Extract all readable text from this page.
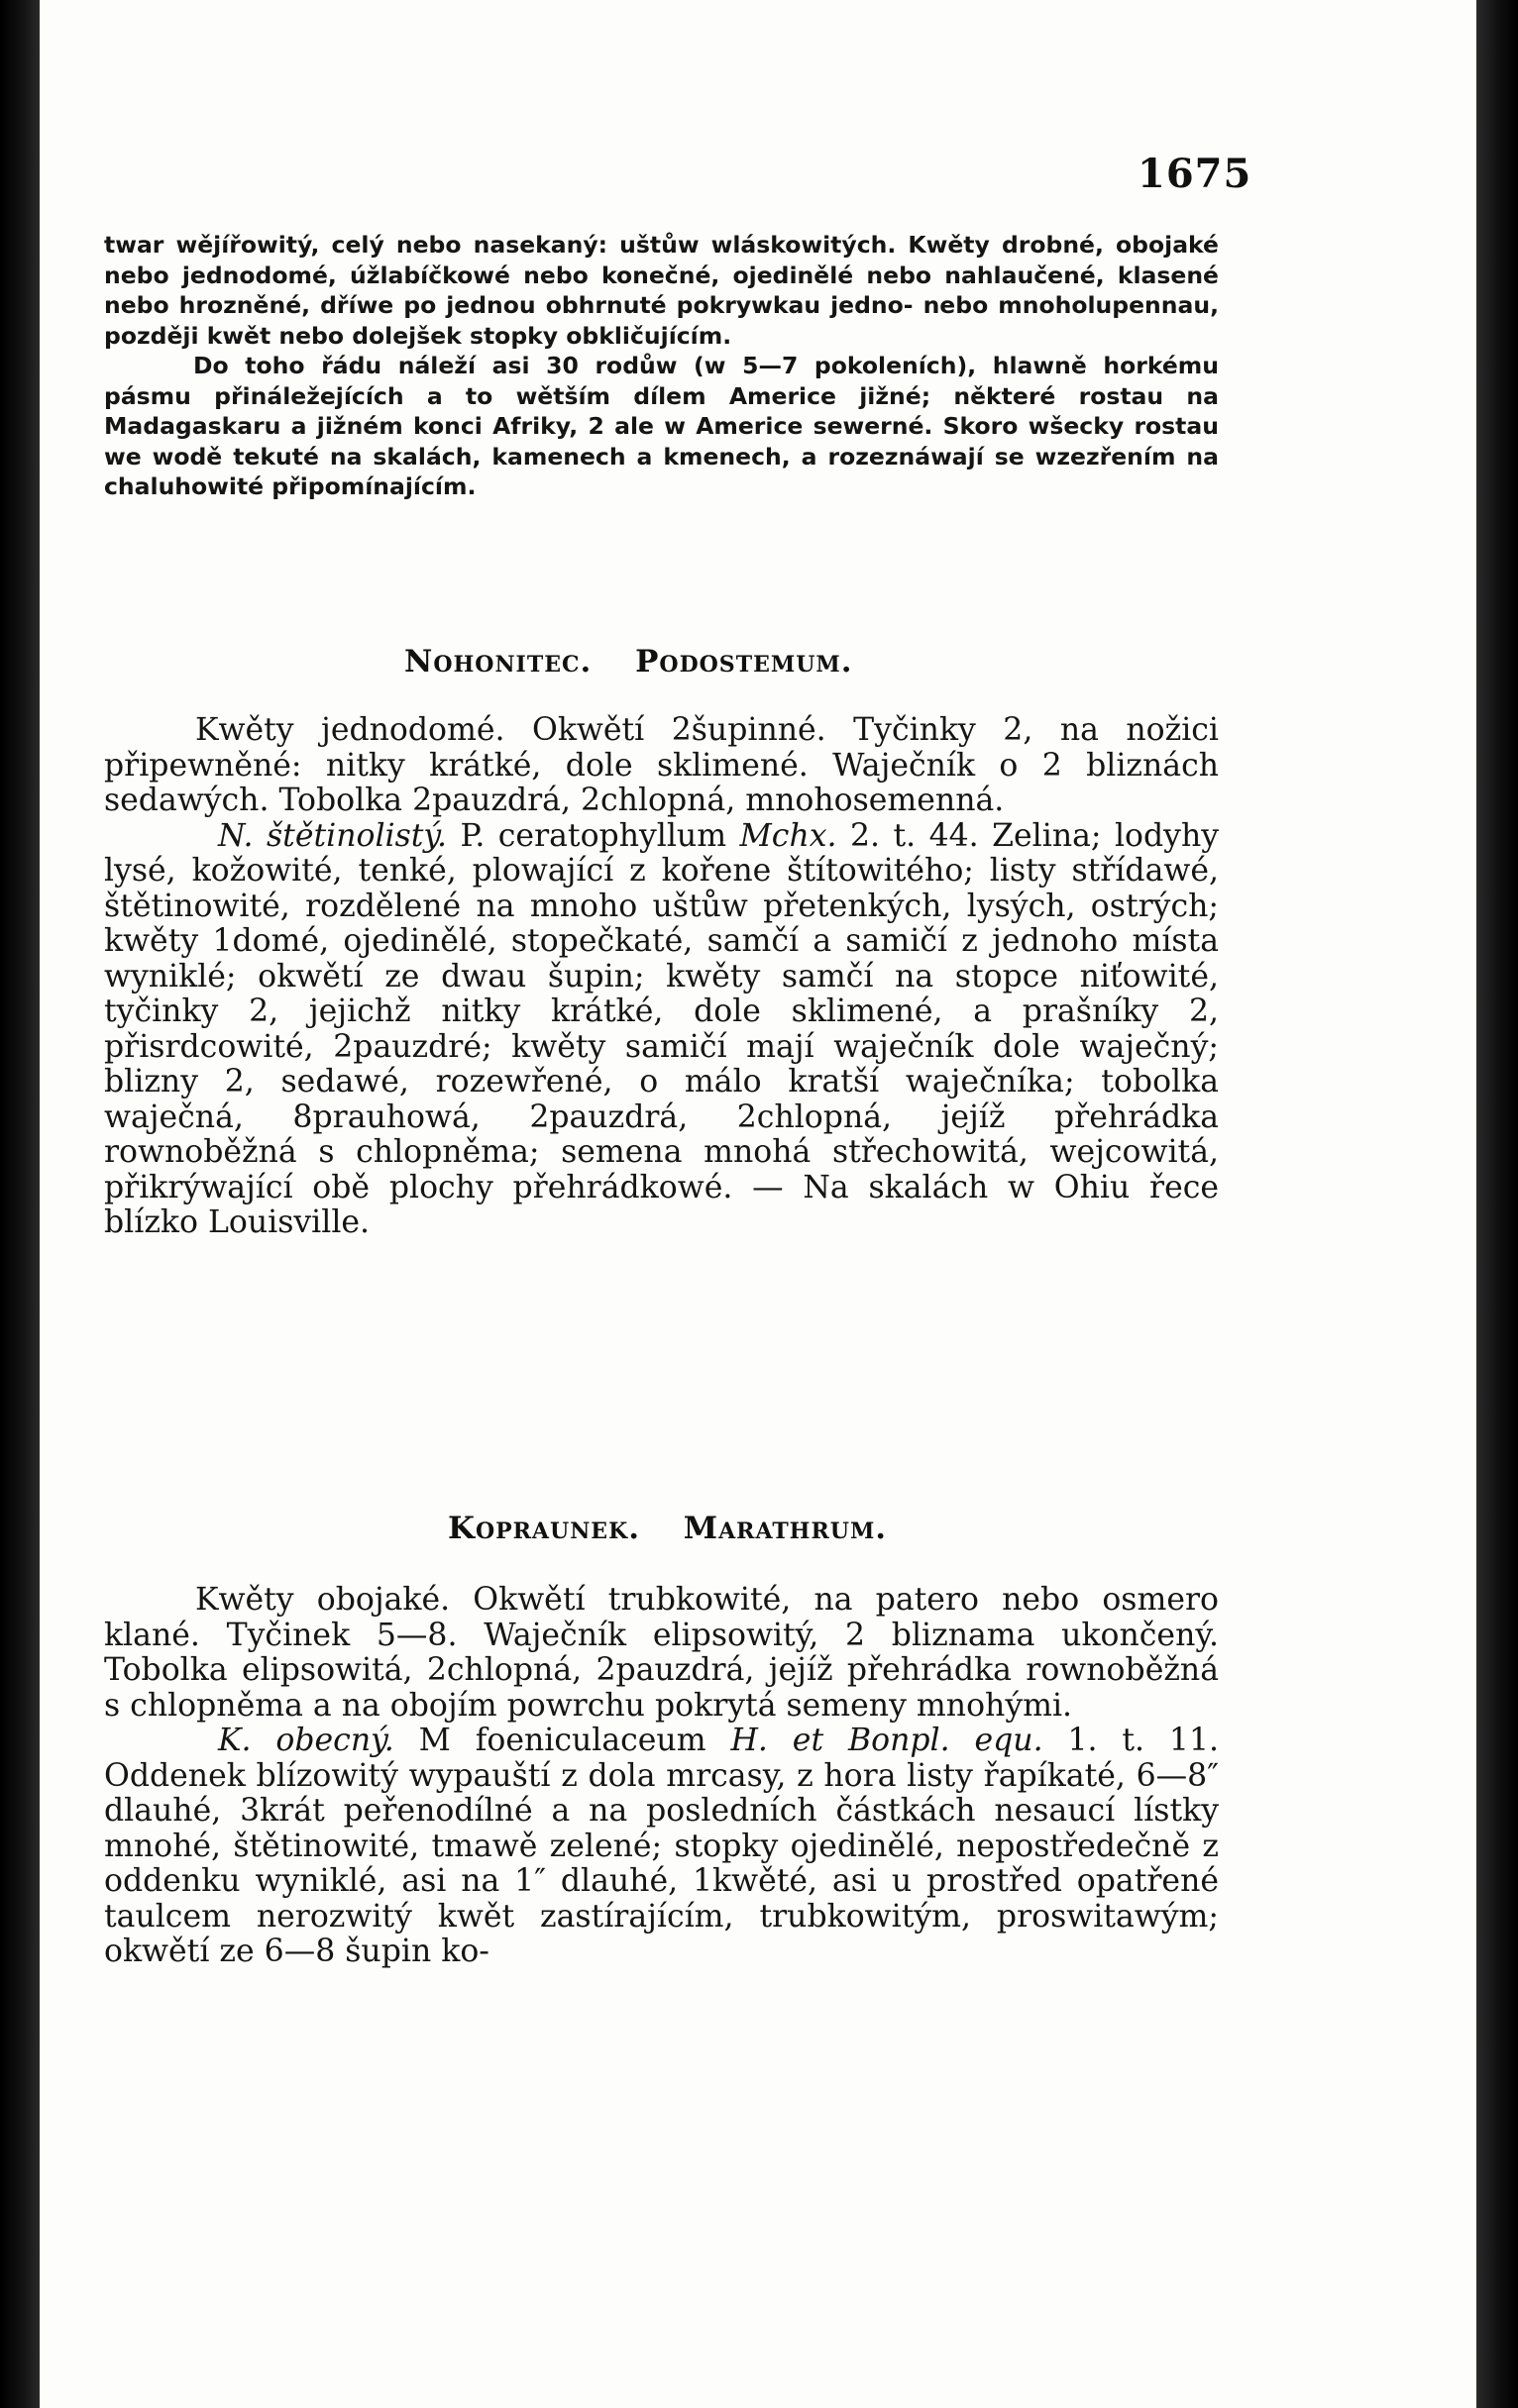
1675

twar wějířowitý, celý nebo nasekaný: uštůw wláskowitých. Kwěty drobné, obojaké nebo jednodomé, úžlabíčkowé nebo konečné, ojedinělé nebo nahlaučené, klasené nebo hrozněné, dříwe po jednou obhrnuté pokrywkau jedno- nebo mnoholupennau, později kwět nebo dolejšek stopky obkličujícím.

Do toho řádu náleží asi 30 rodůw (w 5—7 pokoleních), hlawně horkému pásmu přináležejících a to wětším dílem Americe jižné; některé rostau na Madagaskaru a jižném konci Afriky, 2 ale w Americe sewerné. Skoro wšecky rostau we wodě tekuté na skalách, kamenech a kmenech, a rozeznáwají se wzezřením na chaluhowité připomínajícím.

Nohonitec. Podostemum.

Kwěty jednodomé. Okwětí 2šupinné. Tyčinky 2, na nožici připewněné: nitky krátké, dole sklimené. Waječník o 2 bliznách sedawých. Tobolka 2pauzdrá, 2chlopná, mnohosemenná.

N. štětinolistý. P. ceratophyllum Mchx. 2. t. 44. Zelina; lodyhy lysé, kožowité, tenké, plowající z kořene štítowitého; listy střídawé, štětinowité, rozdělené na mnoho uštůw přetenkých, lysých, ostrých; kwěty 1domé, ojedinělé, stopečkaté, samčí a samičí z jednoho místa wyniklé; okwětí ze dwau šupin; kwěty samčí na stopce niťowité, tyčinky 2, jejichž nitky krátké, dole sklimené, a prašníky 2, přisrdcowité, 2pauzdré; kwěty samičí mají waječník dole waječný; blizny 2, sedawé, rozewřené, o málo kratší waječníka; tobolka waječná, 8prauhowá, 2pauzdrá, 2chlopná, jejíž přehrádka rownoběžná s chlopněma; semena mnohá střechowitá, wejcowitá, přikrýwající obě plochy přehrádkowé. — Na skalách w Ohiu řece blízko Louisville.

Kopraunek. Marathrum.

Kwěty obojaké. Okwětí trubkowité, na patero nebo osmero klané. Tyčinek 5—8. Waječník elipsowitý, 2 bliznama ukončený. Tobolka elipsowitá, 2chlopná, 2pauzdrá, jejíž přehrádka rownoběžná s chlopněma a na obojím powrchu pokrytá semeny mnohými.

K. obecný. M foeniculaceum H. et Bonpl. equ. 1. t. 11. Oddenek blízowitý wypauští z dola mrcasy, z hora listy řapíkaté, 6—8″ dlauhé, 3krát peřenodílné a na posledních částkách nesaucí lístky mnohé, štětinowité, tmawě zelené; stopky ojedinělé, nepostředečně z oddenku wyniklé, asi na 1″ dlauhé, 1kwěté, asi u prostřed opatřené taulcem nerozwitý kwět zastírajícím, trubkowitým, proswitawým; okwětí ze 6—8 šupin ko-
